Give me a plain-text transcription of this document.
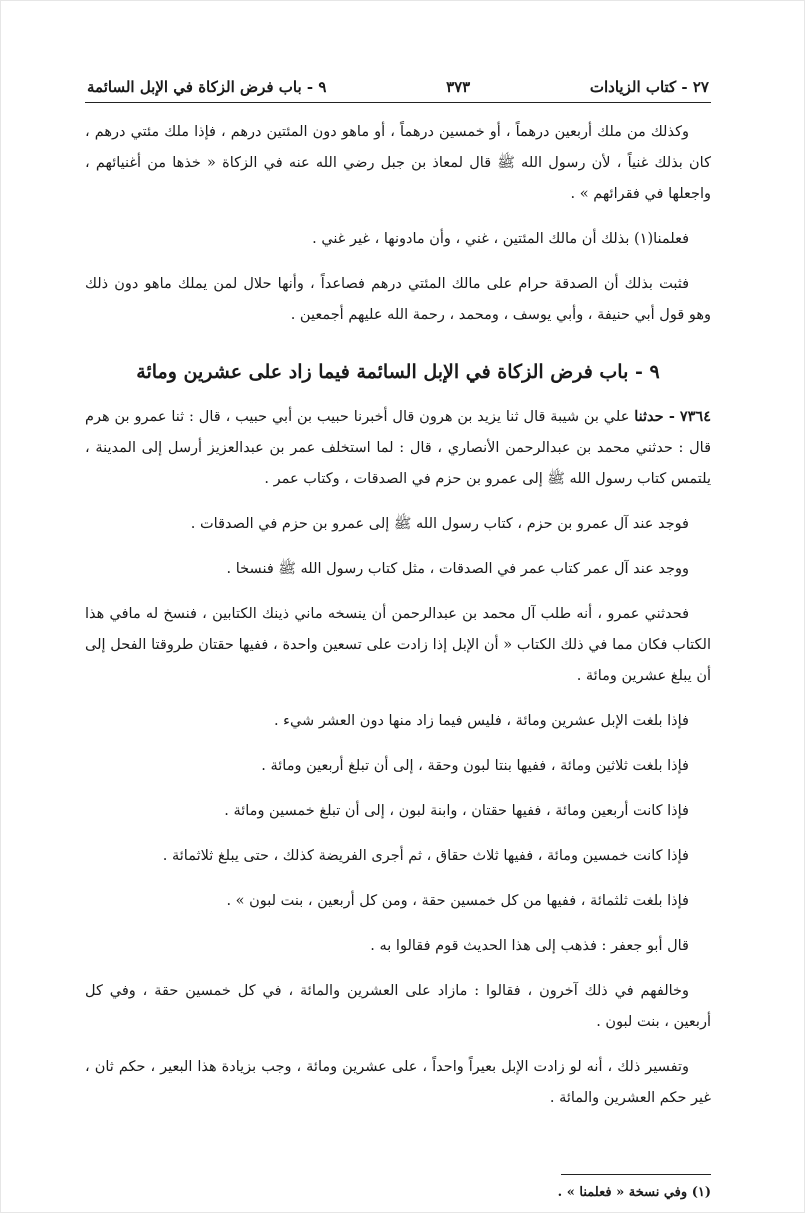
٢٧ - كتاب الزيادات
٣٧٣
٩ - باب فرض الزكاة في الإبل السائمة

وكذلك من ملك أربعين درهماً ، أو خمسين درهماً ، أو ماهو دون المئتين درهم ، فإذا ملك مئتي درهم ، كان بذلك غنياً ، لأن رسول الله ﷺ قال لمعاذ بن جبل رضي الله عنه في الزكاة « خذها من أغنيائهم ، واجعلها في فقرائهم » .

فعلمنا(١) بذلك أن مالك المئتين ، غني ، وأن مادونها ، غير غني .

فثبت بذلك أن الصدقة حرام على مالك المئتي درهم فصاعداً ، وأنها حلال لمن يملك ماهو دون ذلك وهو قول أبي حنيفة ، وأبي يوسف ، ومحمد ، رحمة الله عليهم أجمعين .

٩ - باب فرض الزكاة في الإبل السائمة فيما زاد على عشرين ومائة

٧٣٦٤ - حدثنا علي بن شيبة قال ثنا يزيد بن هرون قال أخبرنا حبيب بن أبي حبيب ، قال : ثنا عمرو بن هرم قال : حدثني محمد بن عبدالرحمن الأنصاري ، قال : لما استخلف عمر بن عبدالعزيز أرسل إلى المدينة ، يلتمس كتاب رسول الله ﷺ إلى عمرو بن حزم في الصدقات ، وكتاب عمر .

فوجد عند آل عمرو بن حزم ، كتاب رسول الله ﷺ إلى عمرو بن حزم في الصدقات .

ووجد عند آل عمر كتاب عمر في الصدقات ، مثل كتاب رسول الله ﷺ فنسخا .

فحدثني عمرو ، أنه طلب آل محمد بن عبدالرحمن أن ينسخه ماني ذينك الكتابين ، فنسخ له مافي هذا الكتاب فكان مما في ذلك الكتاب « أن الإبل إذا زادت على تسعين واحدة ، ففيها حقتان طروقتا الفحل إلى أن يبلغ عشرين ومائة .

فإذا بلغت الإبل عشرين ومائة ، فليس فيما زاد منها دون العشر شيء .

فإذا بلغت ثلاثين ومائة ، ففيها بنتا لبون وحقة ، إلى أن تبلغ أربعين ومائة .

فإذا كانت أربعين ومائة ، ففيها حقتان ، وابنة لبون ، إلى أن تبلغ خمسين ومائة .

فإذا كانت خمسين ومائة ، ففيها ثلاث حقاق ، ثم أجرى الفريضة كذلك ، حتى يبلغ ثلاثمائة .

فإذا بلغت ثلثمائة ، ففيها من كل خمسين حقة ، ومن كل أربعين ، بنت لبون » .

قال أبو جعفر : فذهب إلى هذا الحديث قوم فقالوا به .

وخالفهم في ذلك آخرون ، فقالوا : مازاد على العشرين والمائة ، في كل خمسين حقة ، وفي كل أربعين ، بنت لبون .

وتفسير ذلك ، أنه لو زادت الإبل بعيراً واحداً ، على عشرين ومائة ، وجب بزيادة هذا البعير ، حكم ثان ، غير حكم العشرين والمائة .

(١) وفي نسخة « فعلمنا » .
